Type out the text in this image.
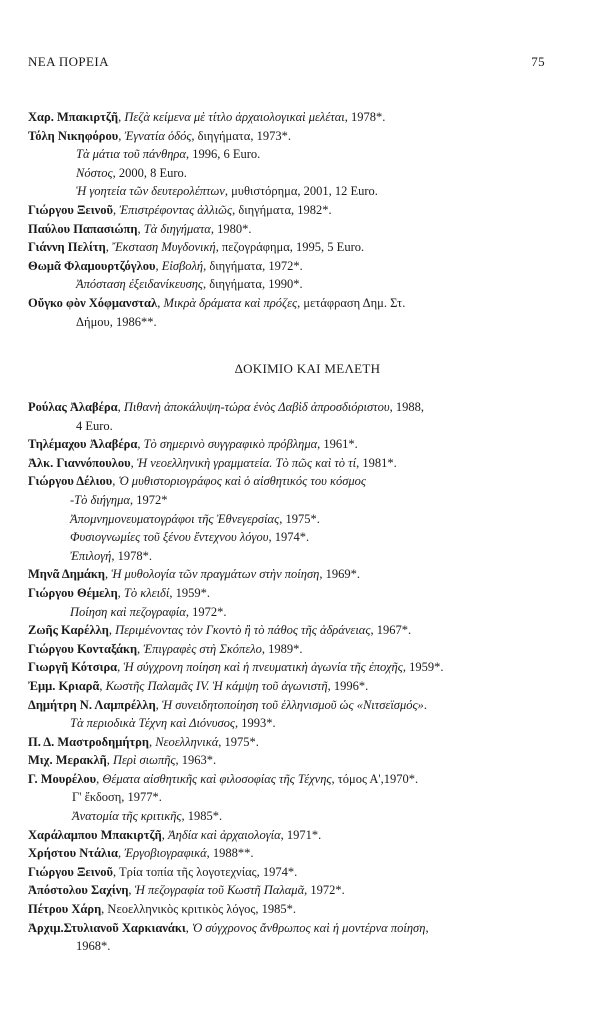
ΝΕΑ ΠΟΡΕΙΑ	75
Χαρ. Μπακιρτζῆ, Πεζὰ κείμενα μὲ τίτλο ἀρχαιολογικαὶ μελέται, 1978*.
Τόλη Νικηφόρου, Ἐγνατία ὁδός, διηγήματα, 1973*.
Τὰ μάτια τοῦ πάνθηρα, 1996, 6 Euro.
Νόστος, 2000, 8 Euro.
Ἡ γοητεία τῶν δευτερολέπτων, μυθιστόρημα, 2001, 12 Euro.
Γιώργου Ξεινοῦ, Ἐπιστρέφοντας ἀλλιῶς, διηγήματα, 1982*.
Παύλου Παπασιώπη, Τὰ διηγήματα, 1980*.
Γιάννη Πελίτη, Ἔκσταση Μυγδονική, πεζογράφημα, 1995, 5 Euro.
Θωμᾶ Φλαμουρτζόγλου, Εἰσβολή, διηγήματα, 1972*.
Ἀπόσταση ἐξειδανίκευσης, διηγήματα, 1990*.
Οὔγκο φὸν Χόφμανσταλ, Μικρὰ δράματα καὶ πρόζες, μετάφραση Δημ. Στ.
Δήμου, 1986**.
ΔΟΚΙΜΙΟ ΚΑΙ ΜΕΛΕΤΗ
Ρούλας Ἀλαβέρα, Πιθανὴ ἀποκάλυψη-τώρα ἑνὸς Δαβὶδ ἀπροσδιόριστου, 1988,
4 Euro.
Τηλέμαχου Ἀλαβέρα, Τὸ σημερινὸ συγγραφικὸ πρόβλημα, 1961*.
Ἀλκ. Γιαννόπουλου, Ἡ νεοελληνικὴ γραμματεία. Τὸ πῶς καὶ τὸ τί, 1981*.
Γιώργου Δέλιου, Ὁ μυθιστοριογράφος καὶ ὁ αἰσθητικός του κόσμος
-Τὸ διήγημα, 1972*
Ἀπομνημονευματογράφοι τῆς Ἐθνεγερσίας, 1975*.
Φυσιογνωμίες τοῦ ξένου ἔντεχνου λόγου, 1974*.
Ἐπιλογή, 1978*.
Μηνᾶ Δημάκη, Ἡ μυθολογία τῶν πραγμάτων στὴν ποίηση, 1969*.
Γιώργου Θέμελη, Τὸ κλειδί, 1959*.
Ποίηση καὶ πεζογραφία, 1972*.
Ζωῆς Καρέλλη, Περιμένοντας τὸν Γκοντὸ ἢ τὸ πάθος τῆς ἀδράνειας, 1967*.
Γιώργου Κονταξάκη, Ἐπιγραφὲς στὴ Σκόπελο, 1989*.
Γιωργῆ Κότσιρα, Ἡ σύγχρονη ποίηση καὶ ἡ πνευματικὴ ἀγωνία τῆς ἐποχῆς, 1959*.
Ἐμμ. Κριαρᾶ, Κωστῆς Παλαμᾶς IV. Ἡ κάμψη τοῦ ἀγωνιστῆ, 1996*.
Δημήτρη Ν. Λαμπρέλλη, Ἡ συνειδητοποίηση τοῦ ἑλληνισμοῦ ὡς «Νιτσεϊσμός».
Τὰ περιοδικὰ Τέχνη καὶ Διόνυσος, 1993*.
Π. Δ. Μαστροδημήτρη, Νεοελληνικά, 1975*.
Μιχ. Μερακλῆ, Περὶ σιωπῆς, 1963*.
Γ. Μουρέλου, Θέματα αἰσθητικῆς καὶ φιλοσοφίας τῆς Τέχνης, τόμος Α',1970*.
Γ' ἔκδοση, 1977*.
Ἀνατομία τῆς κριτικῆς, 1985*.
Χαράλαμπου Μπακιρτζῆ, Ἀηδία καὶ ἀρχαιολογία, 1971*.
Χρήστου Ντάλια, Ἐργοβιογραφικά, 1988**.
Γιώργου Ξεινοῦ, Τρία τοπία τῆς λογοτεχνίας, 1974*.
Ἀπόστολου Σαχίνη, Ἡ πεζογραφία τοῦ Κωστῆ Παλαμᾶ, 1972*.
Πέτρου Χάρη, Νεοελληνικὸς κριτικὸς λόγος, 1985*.
Ἀρχιμ.Στυλιανοῦ Χαρκιανάκι, Ὁ σύγχρονος ἄνθρωπος καὶ ἡ μοντέρνα ποίηση,
1968*.
